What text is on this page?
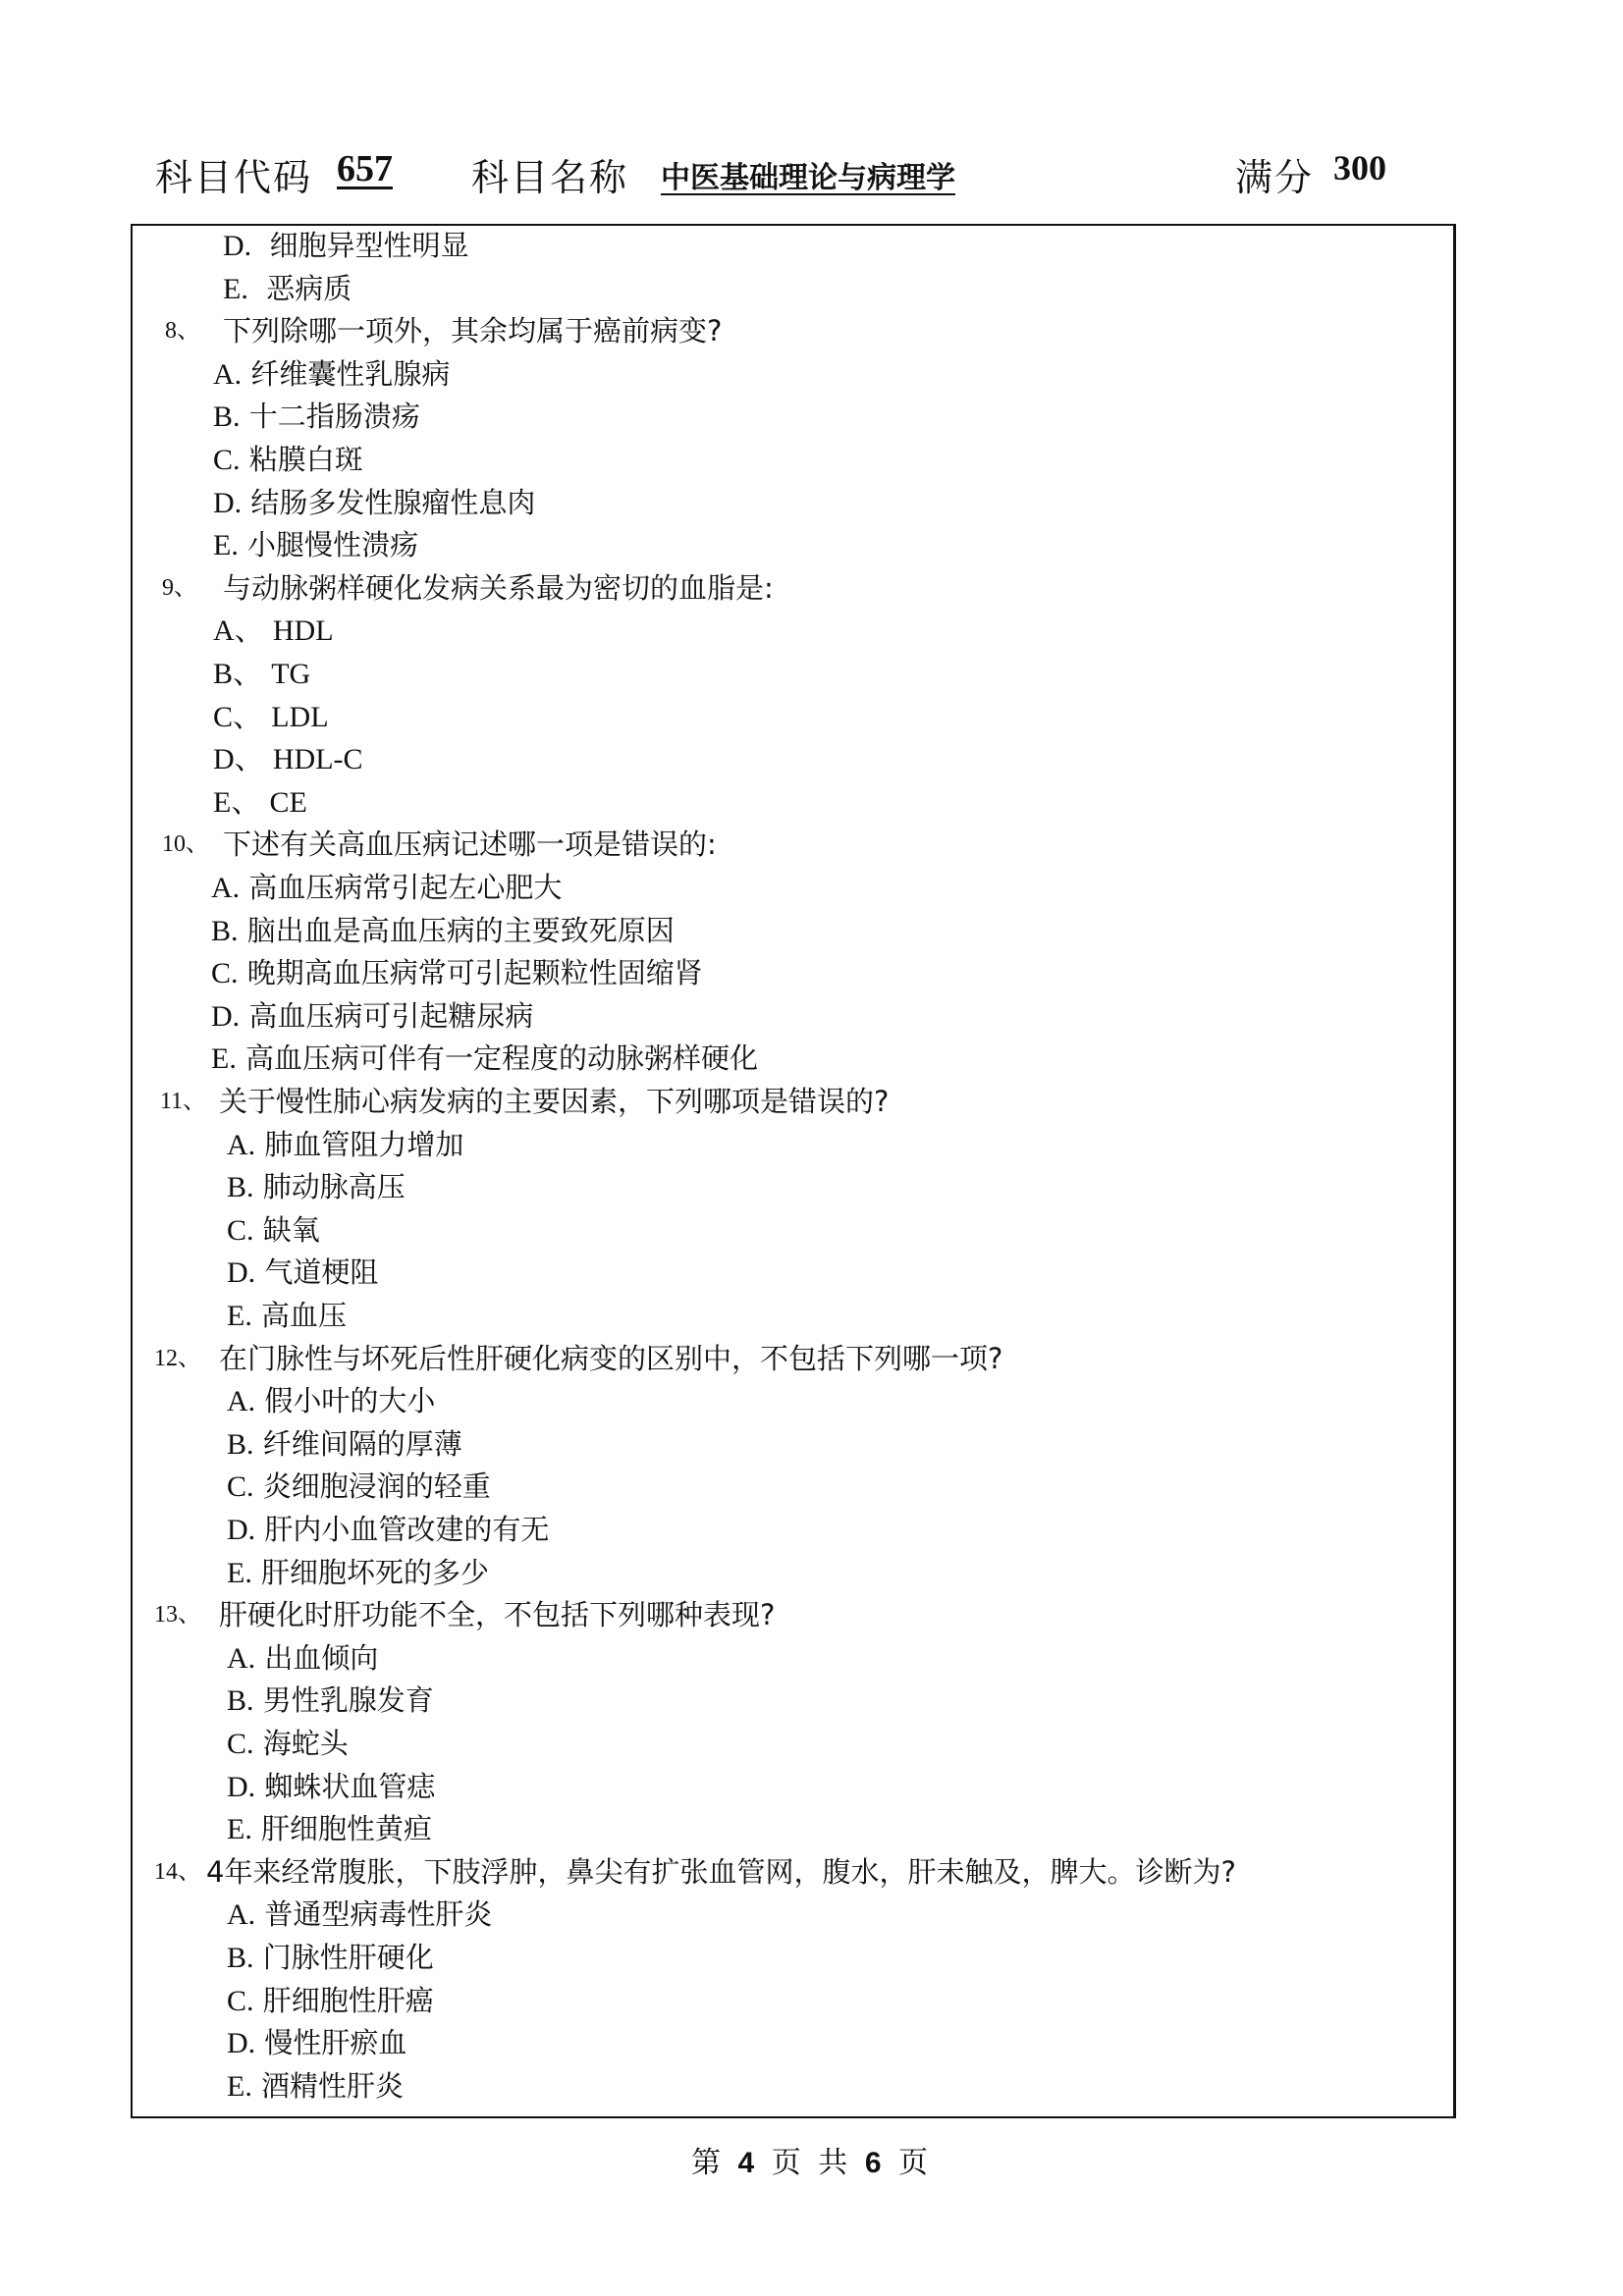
科目代码 657 科目名称 中医基础理论与病理学	满分 300
D. 细胞异型性明显
E. 恶病质
8、 下列除哪一项外，其余均属于癌前病变?
A. 纤维囊性乳腺病
B. 十二指肠溃疡
C. 粘膜白斑
D. 结肠多发性腺瘤性息肉
E. 小腿慢性溃疡
9、 与动脉粥样硬化发病关系最为密切的血脂是:
A、 HDL
B、 TG
C、 LDL
D、 HDL-C
E、 CE
10、 下述有关高血压病记述哪一项是错误的:
A. 高血压病常引起左心肥大
B. 脑出血是高血压病的主要致死原因
C. 晚期高血压病常可引起颗粒性固缩肾
D. 高血压病可引起糖尿病
E. 高血压病可伴有一定程度的动脉粥样硬化
11、 关于慢性肺心病发病的主要因素，下列哪项是错误的?
A. 肺血管阻力增加
B. 肺动脉高压
C. 缺氧
D. 气道梗阻
E. 高血压
12、 在门脉性与坏死后性肝硬化病变的区别中，不包括下列哪一项?
A. 假小叶的大小
B. 纤维间隔的厚薄
C. 炎细胞浸润的轻重
D. 肝内小血管改建的有无
E. 肝细胞坏死的多少
13、 肝硬化时肝功能不全，不包括下列哪种表现?
A. 出血倾向
B. 男性乳腺发育
C. 海蛇头
D. 蜘蛛状血管痣
E. 肝细胞性黄疸
14、 4年来经常腹胀，下肢浮肿，鼻尖有扩张血管网，腹水，肝未触及，脾大。诊断为?
A. 普通型病毒性肝炎
B. 门脉性肝硬化
C. 肝细胞性肝癌
D. 慢性肝瘀血
E. 酒精性肝炎
第 4 页 共 6 页
